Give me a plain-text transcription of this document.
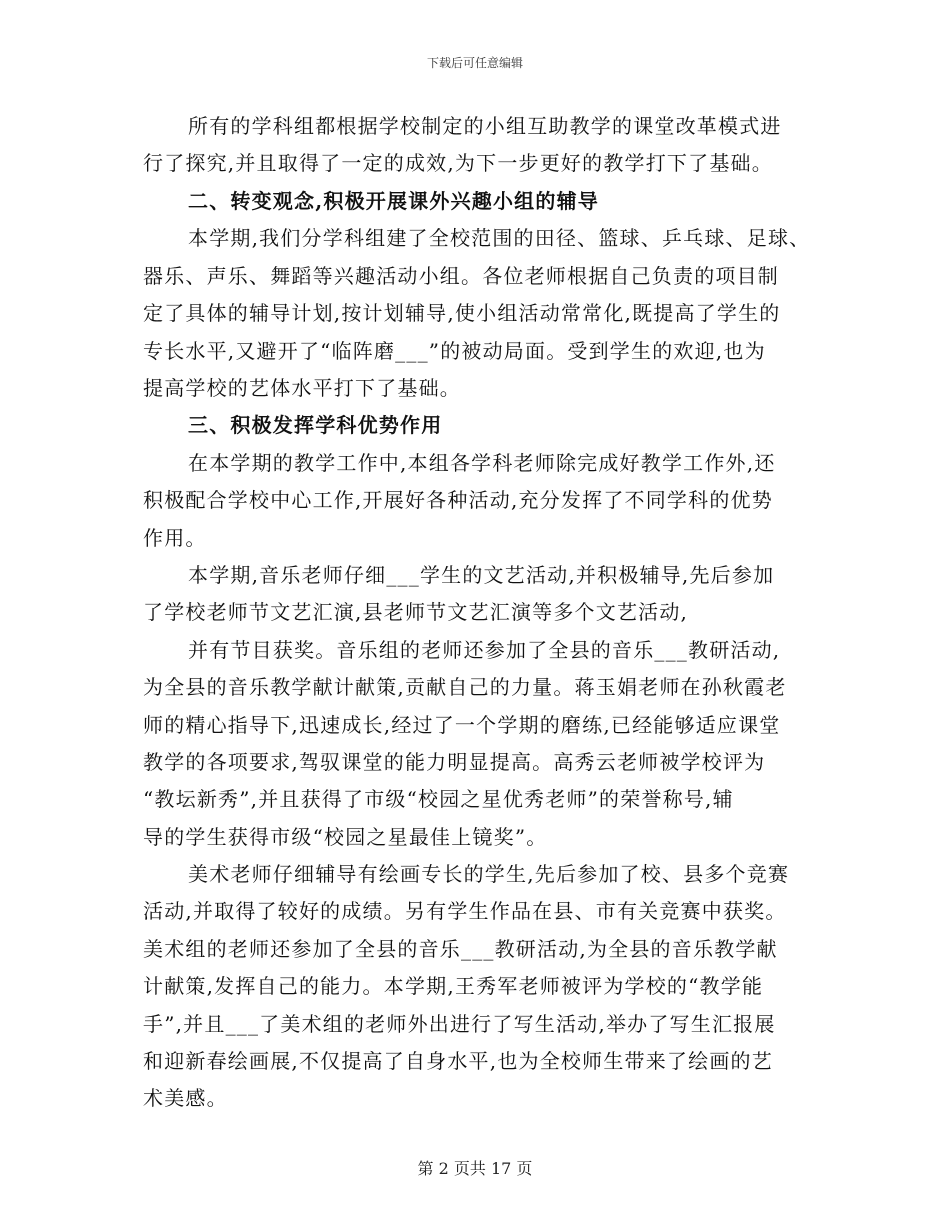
下载后可任意编辑
所有的学科组都根据学校制定的小组互助教学的课堂改革模式进
行了探究,并且取得了一定的成效,为下一步更好的教学打下了基础。
二、转变观念,积极开展课外兴趣小组的辅导
本学期,我们分学科组建了全校范围的田径、篮球、乒乓球、足球、
器乐、声乐、舞蹈等兴趣活动小组。各位老师根据自己负责的项目制
定了具体的辅导计划,按计划辅导,使小组活动常常化,既提高了学生的
专长水平,又避开了“临阵磨___”的被动局面。受到学生的欢迎,也为
提高学校的艺体水平打下了基础。
三、积极发挥学科优势作用
在本学期的教学工作中,本组各学科老师除完成好教学工作外,还
积极配合学校中心工作,开展好各种活动,充分发挥了不同学科的优势
作用。
本学期,音乐老师仔细___学生的文艺活动,并积极辅导,先后参加
了学校老师节文艺汇演,县老师节文艺汇演等多个文艺活动,
并有节目获奖。音乐组的老师还参加了全县的音乐___教研活动,
为全县的音乐教学献计献策,贡献自己的力量。蒋玉娟老师在孙秋霞老
师的精心指导下,迅速成长,经过了一个学期的磨练,已经能够适应课堂
教学的各项要求,驾驭课堂的能力明显提高。高秀云老师被学校评为
“教坛新秀”,并且获得了市级“校园之星优秀老师”的荣誉称号,辅
导的学生获得市级“校园之星最佳上镜奖”。
美术老师仔细辅导有绘画专长的学生,先后参加了校、县多个竞赛
活动,并取得了较好的成绩。另有学生作品在县、市有关竞赛中获奖。
美术组的老师还参加了全县的音乐___教研活动,为全县的音乐教学献
计献策,发挥自己的能力。本学期,王秀军老师被评为学校的“教学能
手”,并且___了美术组的老师外出进行了写生活动,举办了写生汇报展
和迎新春绘画展,不仅提高了自身水平,也为全校师生带来了绘画的艺
术美感。
第 2 页共 17 页
